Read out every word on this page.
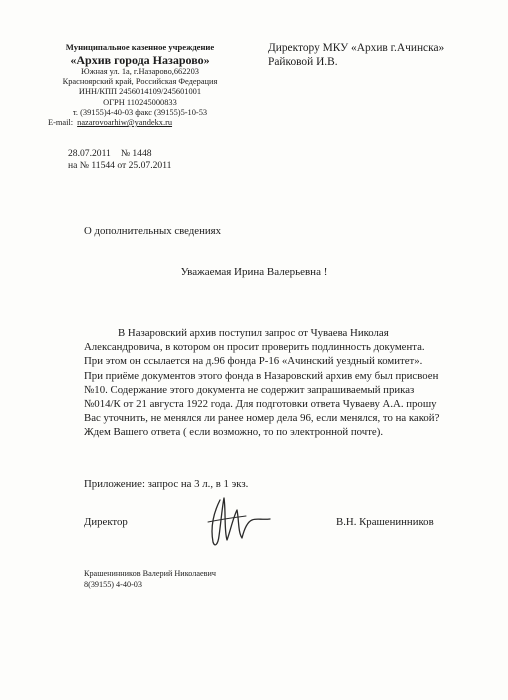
Муниципальное казенное учреждение
«Архив города Назарово»
Южная ул. 1а, г.Назарово,662203
Красноярский край, Российская Федерация
ИНН/КПП 2456014109/245601001
ОГРН 110245000833
т. (39155)4-40-03 факс (39155)5-10-53
E-mail: nazarovoarhiw@yandekx.ru
Директору МКУ «Архив г.Ачинска»
Райковой И.В.
28.07.2011 № 1448
на № 11544 от 25.07.2011
О дополнительных сведениях
Уважаемая Ирина Валерьевна !
В Назаровский архив поступил запрос от Чуваева Николая
Александровича, в котором он просит проверить подлинность документа.
При этом он ссылается на д.96 фонда Р-16 «Ачинский уездный комитет».
При приёме документов этого фонда в Назаровский архив ему был присвоен
№10. Содержание этого документа не содержит запрашиваемый приказ
№014/К от 21 августа 1922 года. Для подготовки ответа Чуваеву А.А. прошу
Вас уточнить, не менялся ли ранее номер дела 96, если менялся, то на какой?
Ждем Вашего ответа ( если возможно, то по электронной почте).
Приложение: запрос на 3 л., в 1 экз.
Директор	В.Н. Крашенинников
Крашенинников Валерий Николаевич
8(39155) 4-40-03
